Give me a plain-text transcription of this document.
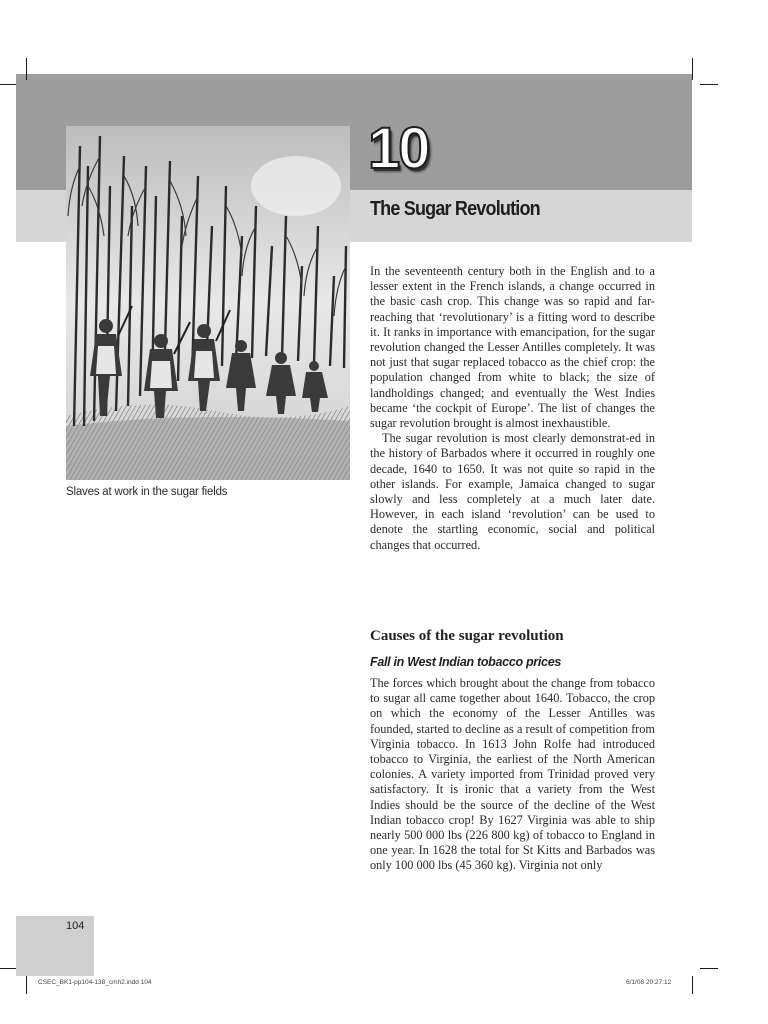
Slaves at work in the sugar fields
10
The Sugar Revolution

In the seventeenth century both in the English and to a lesser extent in the French islands, a change occurred in the basic cash crop. This change was so rapid and far-reaching that ‘revolutionary’ is a fitting word to describe it. It ranks in importance with emancipation, for the sugar revolution changed the Lesser Antilles completely. It was not just that sugar replaced tobacco as the chief crop: the population changed from white to black; the size of landholdings changed; and eventually the West Indies became ‘the cockpit of Europe’. The list of changes the sugar revolution brought is almost inexhaustible.

The sugar revolution is most clearly demonstrat-ed in the history of Barbados where it occurred in roughly one decade, 1640 to 1650. It was not quite so rapid in the other islands. For example, Jamaica changed to sugar slowly and less completely at a much later date. However, in each island ‘revolution’ can be used to denote the startling economic, social and political changes that occurred.

Causes of the sugar revolution
Fall in West Indian tobacco prices

The forces which brought about the change from tobacco to sugar all came together about 1640. Tobacco, the crop on which the economy of the Lesser Antilles was founded, started to decline as a result of competition from Virginia tobacco. In 1613 John Rolfe had introduced tobacco to Virginia, the earliest of the North American colonies. A variety imported from Trinidad proved very satisfactory. It is ironic that a variety from the West Indies should be the source of the decline of the West Indian tobacco crop! By 1627 Virginia was able to ship nearly 500 000 lbs (226 800 kg) of tobacco to England in one year. In 1628 the total for St Kitts and Barbados was only 100 000 lbs (45 360 kg). Virginia not only

104
CSEC_BK1-pp104-138_cmh2.indd 104	6/1/08 20:27:12
